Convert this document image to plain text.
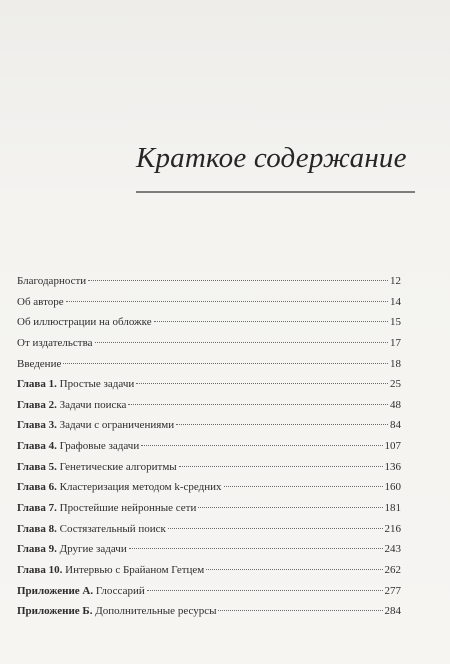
Краткое содержание
Благодарности	12
Об авторе	14
Об иллюстрации на обложке	15
От издательства	17
Введение	18
Глава 1. Простые задачи	25
Глава 2. Задачи поиска	48
Глава 3. Задачи с ограничениями	84
Глава 4. Графовые задачи	107
Глава 5. Генетические алгоритмы	136
Глава 6. Кластеризация методом k-средних	160
Глава 7. Простейшие нейронные сети	181
Глава 8. Состязательный поиск	216
Глава 9. Другие задачи	243
Глава 10. Интервью с Брайаном Гетцем	262
Приложение А. Глоссарий	277
Приложение Б. Дополнительные ресурсы	284
